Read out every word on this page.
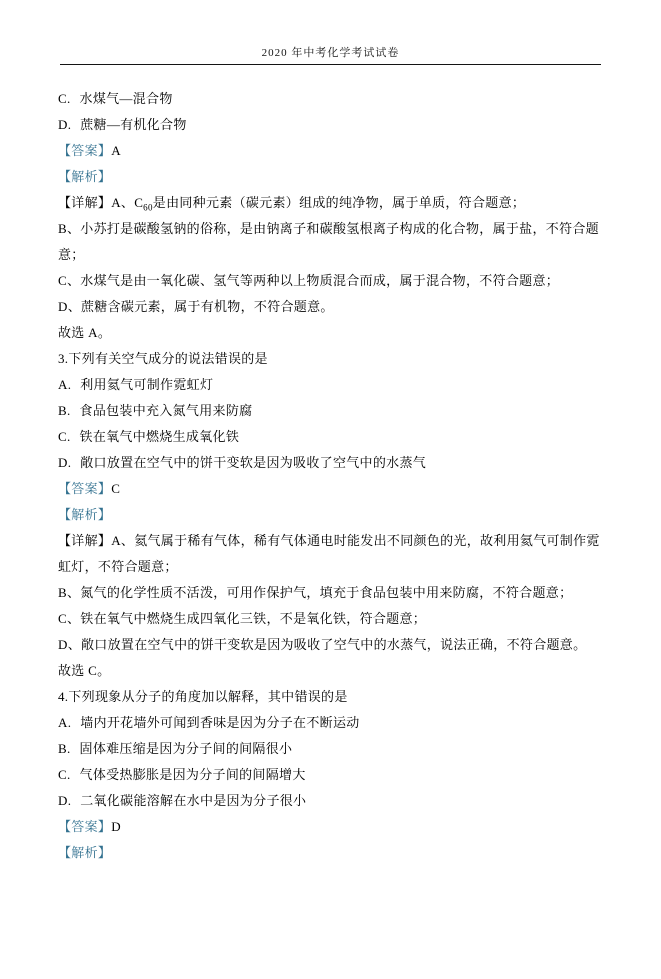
2020 年中考化学考试试卷

C. 水煤气—混合物

D. 蔗糖—有机化合物

【答案】A

【解析】

【详解】A、$C_{60}$是由同种元素（碳元素）组成的纯净物，属于单质，符合题意；

B、小苏打是碳酸氢钠的俗称，是由钠离子和碳酸氢根离子构成的化合物，属于盐，不符合题意；

C、水煤气是由一氧化碳、氢气等两种以上物质混合而成，属于混合物，不符合题意；

D、蔗糖含碳元素，属于有机物，不符合题意。

故选 A。

3.下列有关空气成分的说法错误的是

A. 利用氦气可制作霓虹灯

B. 食品包装中充入氮气用来防腐

C. 铁在氧气中燃烧生成氧化铁

D. 敞口放置在空气中的饼干变软是因为吸收了空气中的水蒸气

【答案】C

【解析】

【详解】A、氦气属于稀有气体，稀有气体通电时能发出不同颜色的光，故利用氦气可制作霓虹灯，不符合题意；

B、氮气的化学性质不活泼，可用作保护气，填充于食品包装中用来防腐，不符合题意；

C、铁在氧气中燃烧生成四氧化三铁，不是氧化铁，符合题意；

D、敞口放置在空气中的饼干变软是因为吸收了空气中的水蒸气，说法正确，不符合题意。

故选 C。

4.下列现象从分子的角度加以解释，其中错误的是

A. 墙内开花墙外可闻到香味是因为分子在不断运动

B. 固体难压缩是因为分子间的间隔很小

C. 气体受热膨胀是因为分子间的间隔增大

D. 二氧化碳能溶解在水中是因为分子很小

【答案】D

【解析】
